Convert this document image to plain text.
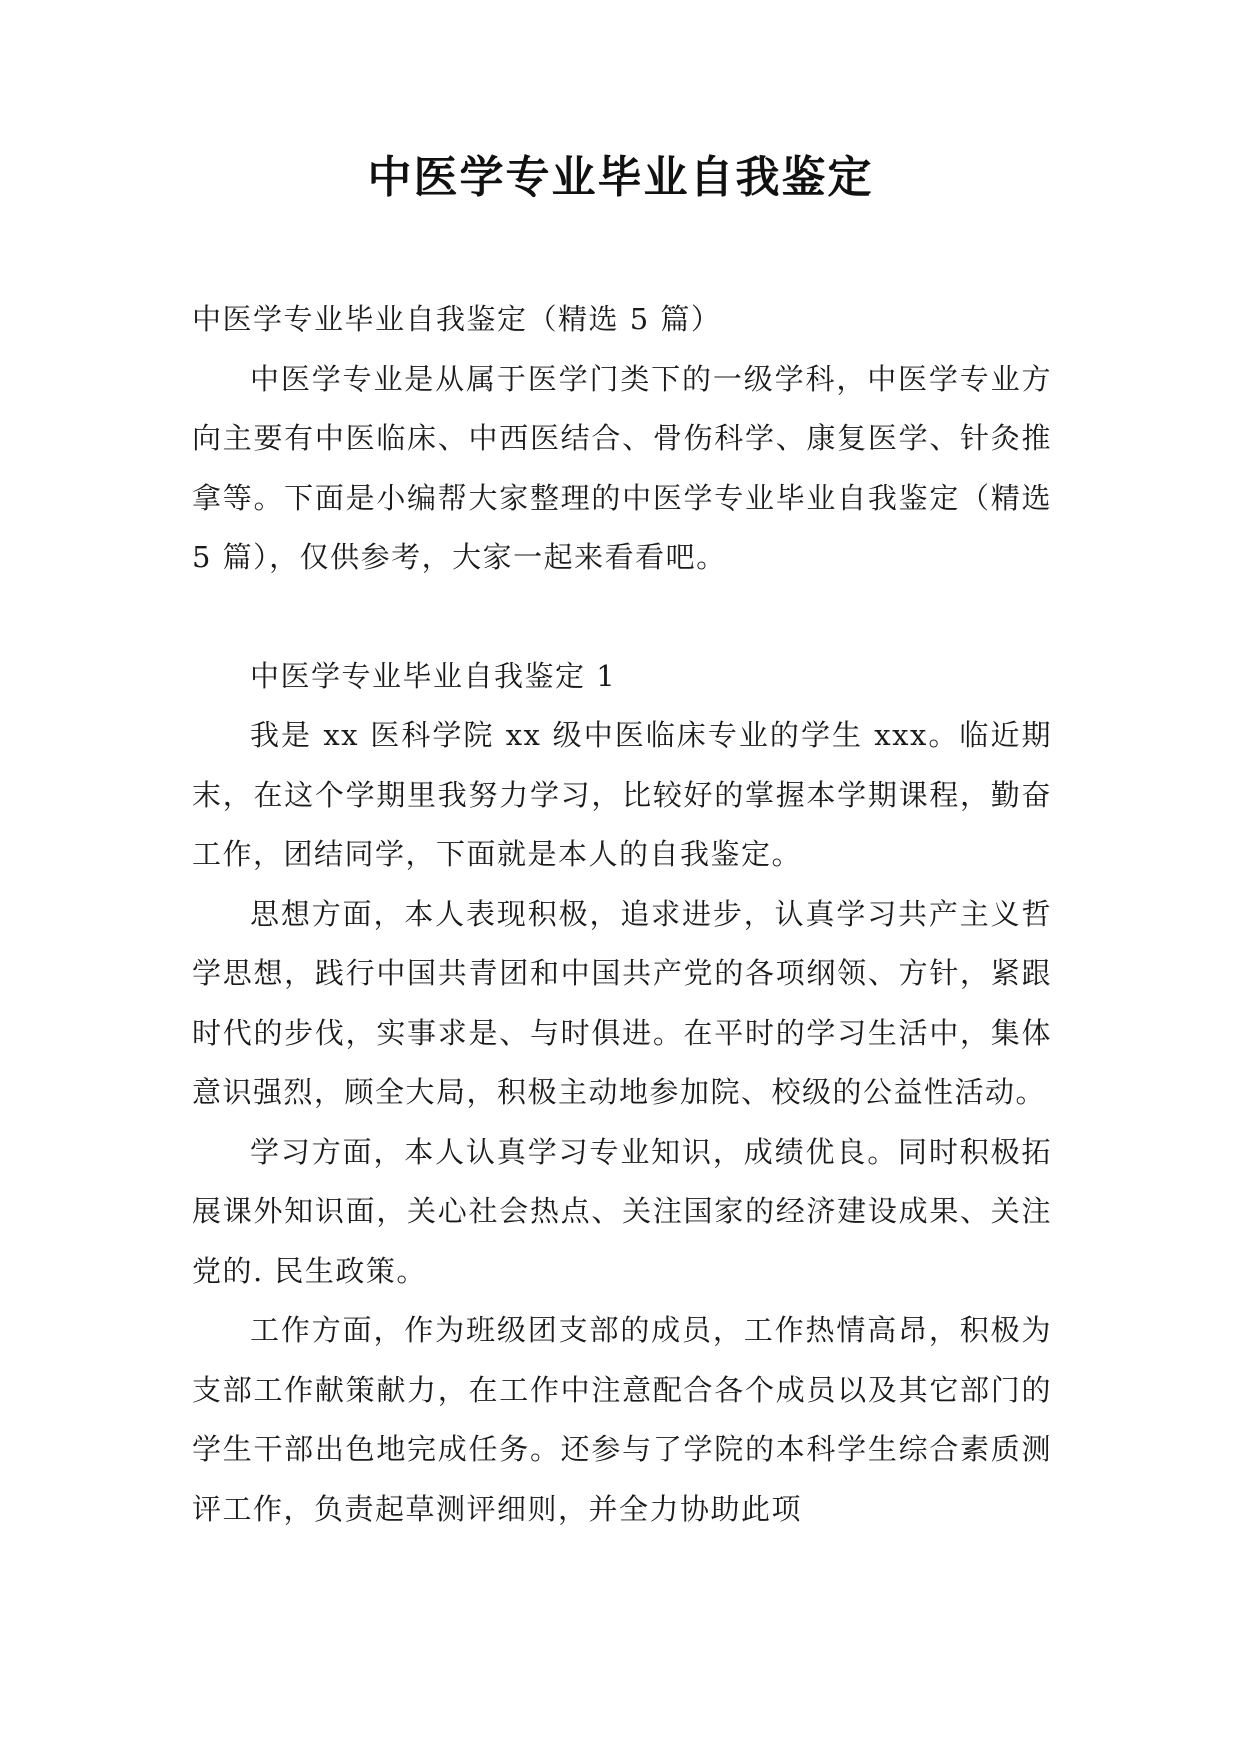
中医学专业毕业自我鉴定

中医学专业毕业自我鉴定（精选 5 篇）

中医学专业是从属于医学门类下的一级学科，中医学专业方向主要有中医临床、中西医结合、骨伤科学、康复医学、针灸推拿等。下面是小编帮大家整理的中医学专业毕业自我鉴定（精选 5 篇），仅供参考，大家一起来看看吧。

中医学专业毕业自我鉴定 1

我是 xx 医科学院 xx 级中医临床专业的学生 xxx。临近期末，在这个学期里我努力学习，比较好的掌握本学期课程，勤奋工作，团结同学，下面就是本人的自我鉴定。

思想方面，本人表现积极，追求进步，认真学习共产主义哲学思想，践行中国共青团和中国共产党的各项纲领、方针，紧跟时代的步伐，实事求是、与时俱进。在平时的学习生活中，集体意识强烈，顾全大局，积极主动地参加院、校级的公益性活动。

学习方面，本人认真学习专业知识，成绩优良。同时积极拓展课外知识面，关心社会热点、关注国家的经济建设成果、关注党的. 民生政策。

工作方面，作为班级团支部的成员，工作热情高昂，积极为支部工作献策献力，在工作中注意配合各个成员以及其它部门的学生干部出色地完成任务。还参与了学院的本科学生综合素质测评工作，负责起草测评细则，并全力协助此项
